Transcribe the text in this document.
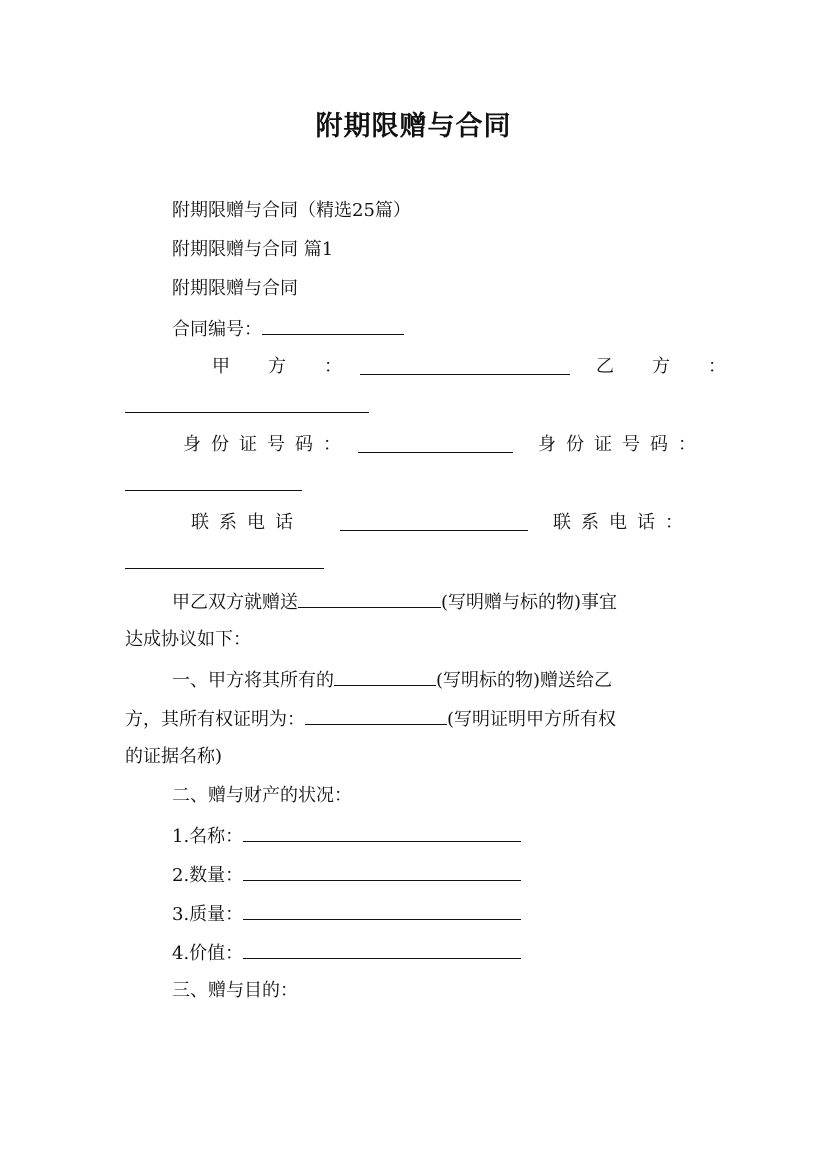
附期限赠与合同
附期限赠与合同（精选25篇）
附期限赠与合同 篇1
附期限赠与合同
合同编号：
甲　方　：	乙　方　：
身份证号码：	身份证号码：
联系电话	联系电话：
甲乙双方就赠送	(写明赠与标的物)事宜
达成协议如下：
一、甲方将其所有的	(写明标的物)赠送给乙
方，其所有权证明为：	(写明证明甲方所有权
的证据名称)
二、赠与财产的状况：
1.名称：
2.数量：
3.质量：
4.价值：
三、赠与目的：
